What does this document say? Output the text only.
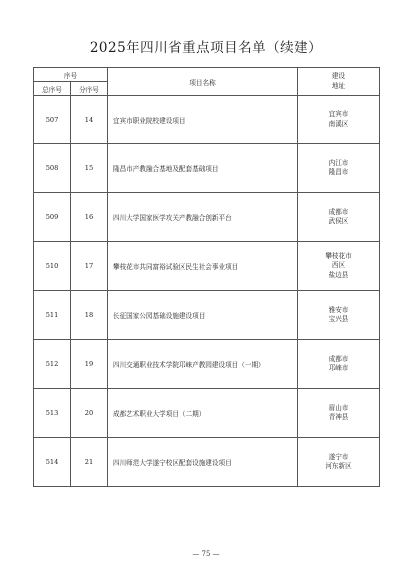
2025年四川省重点项目名单（续建）
序号		项目名称	建设
地址
总序号	分序号		
507	14	宜宾市职业院校建设项目	宜宾市
南溪区
508	15	隆昌市产教融合基地及配套基础项目	内江市
隆昌市
509	16	四川大学国家医学攻关产教融合创新平台	成都市
武侯区
510	17	攀枝花市共同富裕试验区民生社会事业项目	攀枝花市
西区
盐边县
511	18	长征国家公园基础设施建设项目	雅安市
宝兴县
512	19	四川交通职业技术学院邛崃产教园建设项目（一期）	成都市
邛崃市
513	20	成都艺术职业大学项目（二期）	眉山市
青神县
514	21	四川师范大学遂宁校区配套设施建设项目	遂宁市
河东新区
— 75 —
